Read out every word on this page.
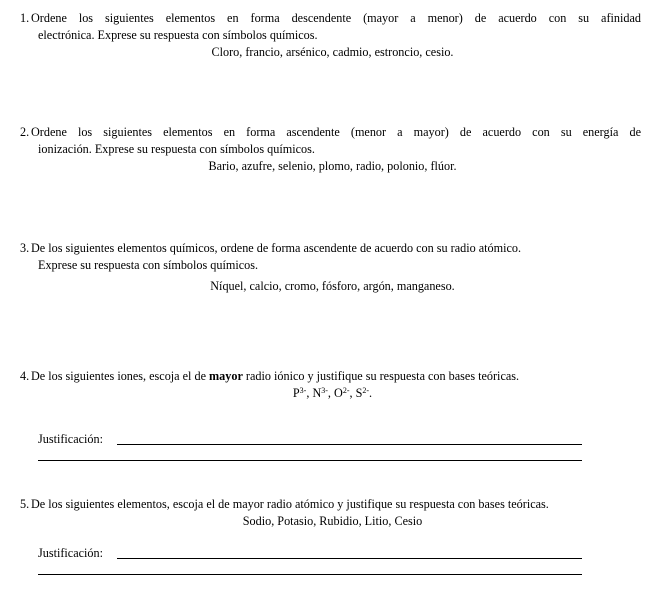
1. Ordene los siguientes elementos en forma descendente (mayor a menor) de acuerdo con su afinidad
electrónica. Exprese su respuesta con símbolos químicos.
Cloro, francio, arsénico, cadmio, estroncio, cesio.
2. Ordene los siguientes elementos en forma ascendente (menor a mayor) de acuerdo con su energía de
ionización. Exprese su respuesta con símbolos químicos.
Bario, azufre, selenio, plomo, radio, polonio, flúor.
3. De los siguientes elementos químicos, ordene de forma ascendente de acuerdo con su radio atómico.
Exprese su respuesta con símbolos químicos.
Níquel, calcio, cromo, fósforo, argón, manganeso.
4. De los siguientes iones, escoja el de mayor radio iónico y justifique su respuesta con bases teóricas.
$P^{3-}$, $N^{3-}$, $O^{2-}$, $S^{2-}$.
Justificación:
5. De los siguientes elementos, escoja el de mayor radio atómico y justifique su respuesta con bases teóricas.
Sodio, Potasio, Rubidio, Litio, Cesio
Justificación:
